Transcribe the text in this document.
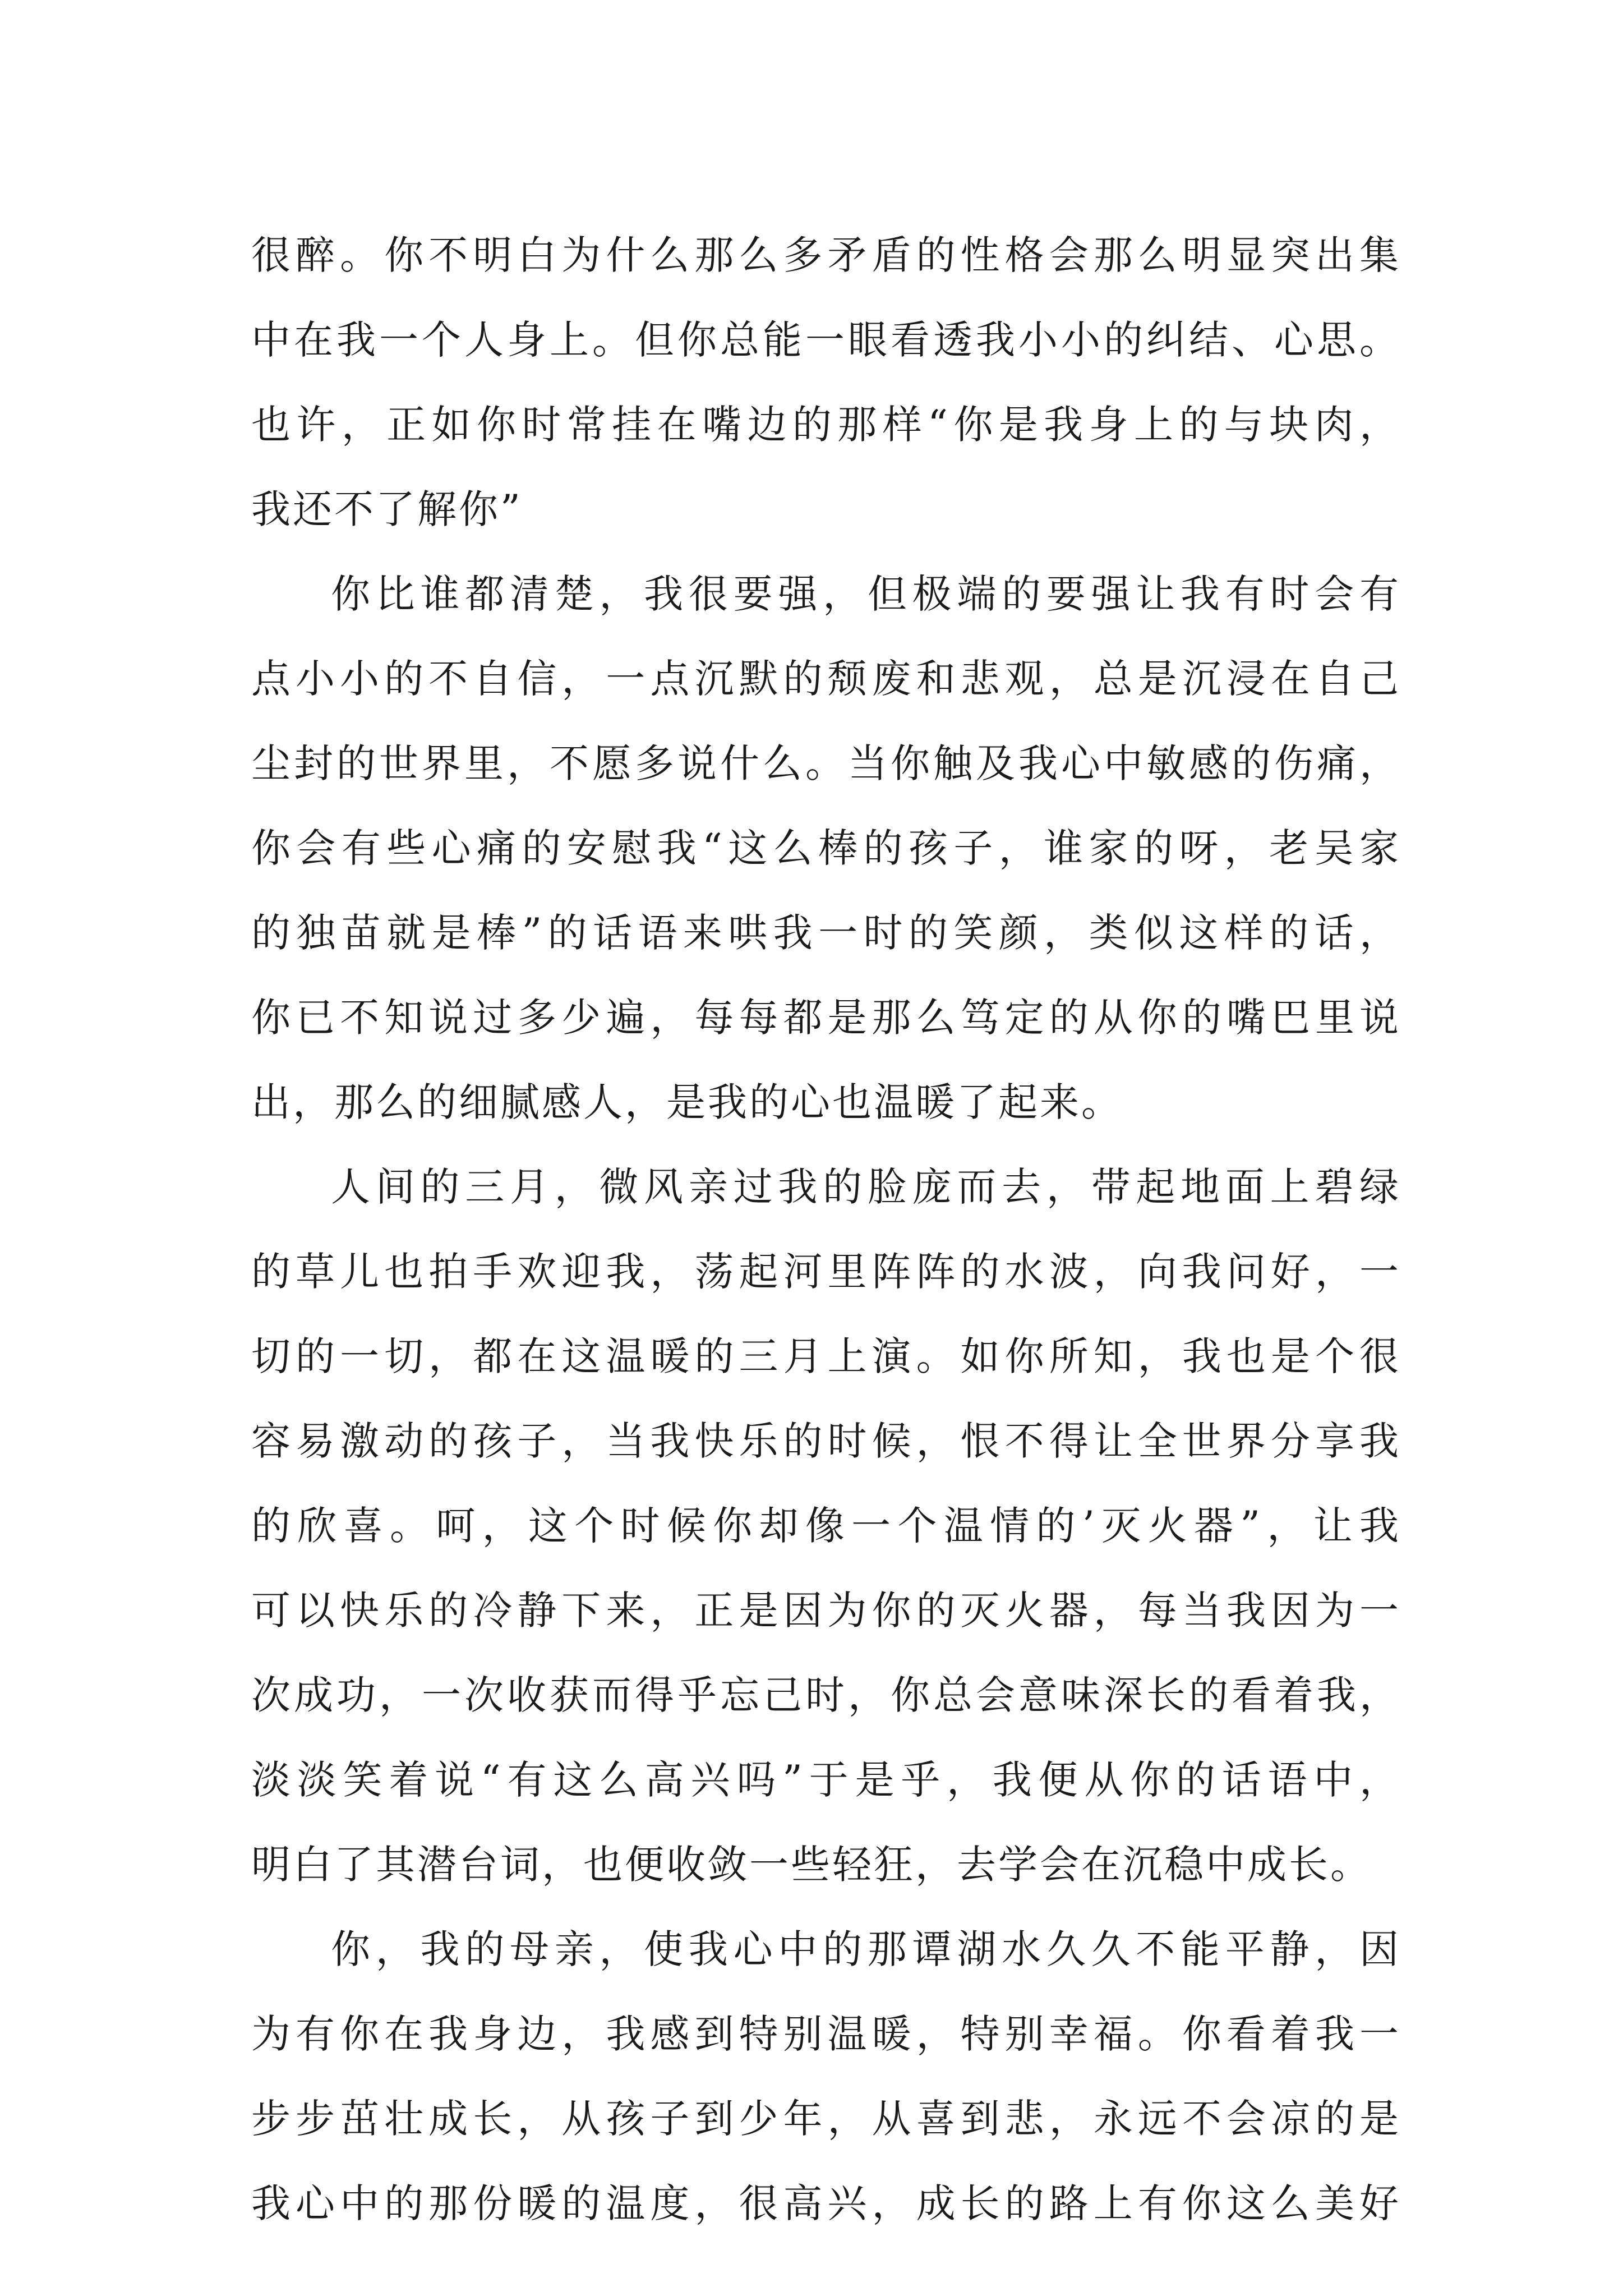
很醉。你不明白为什么那么多矛盾的性格会那么明显突出集
中在我一个人身上。但你总能一眼看透我小小的纠结、心思。
也许，正如你时常挂在嘴边的那样“你是我身上的与块肉，
我还不了解你”
你比谁都清楚，我很要强，但极端的要强让我有时会有
点小小的不自信，一点沉默的颓废和悲观，总是沉浸在自己
尘封的世界里，不愿多说什么。当你触及我心中敏感的伤痛，
你会有些心痛的安慰我“这么棒的孩子，谁家的呀，老吴家
的独苗就是棒”的话语来哄我一时的笑颜，类似这样的话，
你已不知说过多少遍，每每都是那么笃定的从你的嘴巴里说
出，那么的细腻感人，是我的心也温暖了起来。
人间的三月，微风亲过我的脸庞而去，带起地面上碧绿
的草儿也拍手欢迎我，荡起河里阵阵的水波，向我问好，一
切的一切，都在这温暖的三月上演。如你所知，我也是个很
容易激动的孩子，当我快乐的时候，恨不得让全世界分享我
的欣喜。呵，这个时候你却像一个温情的’灭火器”，让我
可以快乐的冷静下来，正是因为你的灭火器，每当我因为一
次成功，一次收获而得乎忘己时，你总会意味深长的看着我，
淡淡笑着说“有这么高兴吗”于是乎，我便从你的话语中，
明白了其潜台词，也便收敛一些轻狂，去学会在沉稳中成长。
你，我的母亲，使我心中的那谭湖水久久不能平静，因
为有你在我身边，我感到特别温暖，特别幸福。你看着我一
步步茁壮成长，从孩子到少年，从喜到悲，永远不会凉的是
我心中的那份暖的温度，很高兴，成长的路上有你这么美好
